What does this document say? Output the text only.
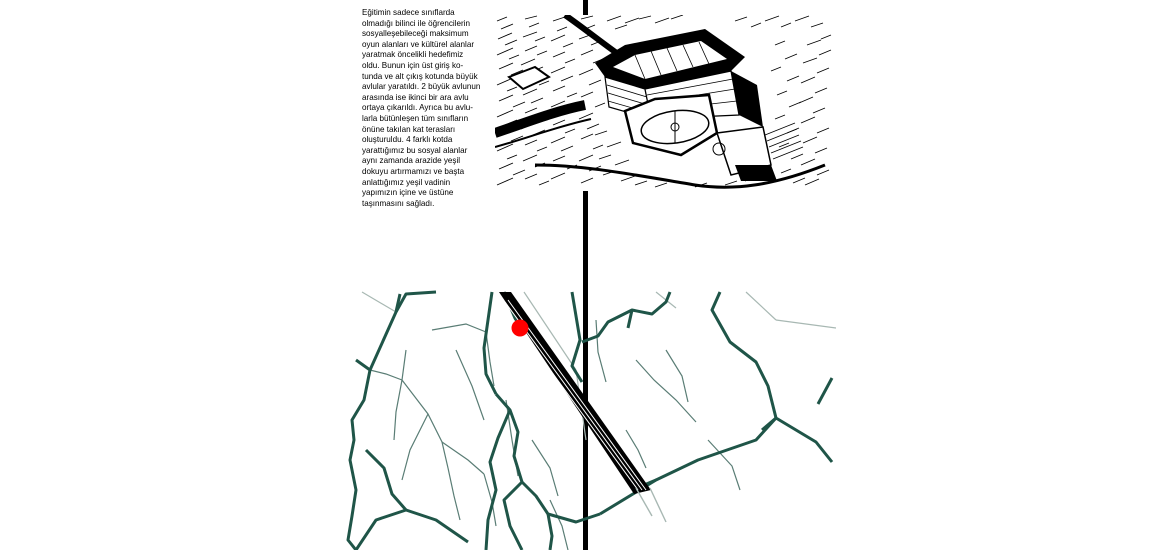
Eğitimin sadece sınıflarda

olmadığı bilinci ile öğrencilerin

sosyalleşebileceği maksimum

oyun alanları ve kültürel alanlar

yaratmak öncelikli hedefimiz

oldu. Bunun için üst giriş ko-

tunda ve alt çıkış kotunda büyük

avlular yaratıldı. 2 büyük avlunun

arasında ise ikinci bir ara avlu

ortaya çıkarıldı. Ayrıca bu avlu-

larla bütünleşen tüm sınıfların

önüne takılan kat terasları

oluşturuldu. 4 farklı kotda

yarattığımız bu sosyal alanlar

aynı zamanda arazide yeşil

dokuyu artırmamızı ve başta

anlattığımız yeşil vadinin

yapımızın içine ve üstüne

taşınmasını sağladı.
